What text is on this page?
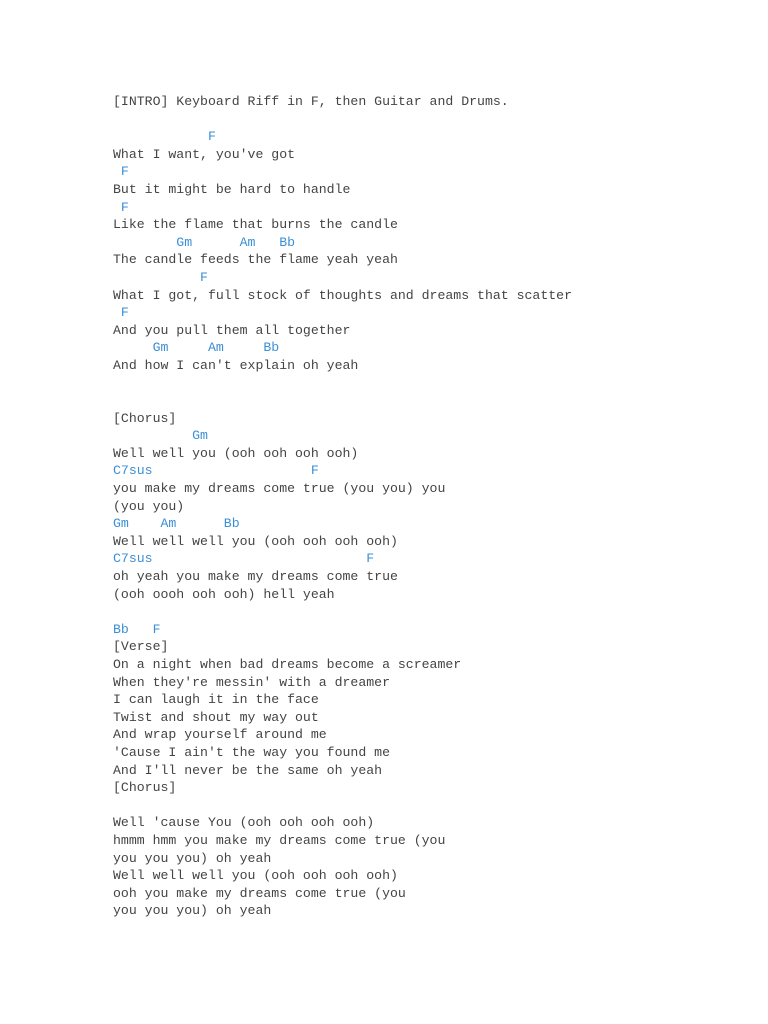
[INTRO] Keyboard Riff in F, then Guitar and Drums.
F
What I want, you've got
F
But it might be hard to handle
F
Like the flame that burns the candle
Gm      Am   Bb
The candle feeds the flame yeah yeah
F
What I got, full stock of thoughts and dreams that scatter
F
And you pull them all together
Gm     Am     Bb
And how I can't explain oh yeah
[Chorus]
Gm
Well well you (ooh ooh ooh ooh)
C7sus                    F
you make my dreams come true (you you) you
(you you)
Gm    Am      Bb
Well well well you (ooh ooh ooh ooh)
C7sus                           F
oh yeah you make my dreams come true
(ooh oooh ooh ooh) hell yeah
Bb   F
[Verse]
On a night when bad dreams become a screamer
When they're messin' with a dreamer
I can laugh it in the face
Twist and shout my way out
And wrap yourself around me
'Cause I ain't the way you found me
And I'll never be the same oh yeah
[Chorus]
Well 'cause You (ooh ooh ooh ooh)
hmmm hmm you make my dreams come true (you
you you you) oh yeah
Well well well you (ooh ooh ooh ooh)
ooh you make my dreams come true (you
you you you) oh yeah
